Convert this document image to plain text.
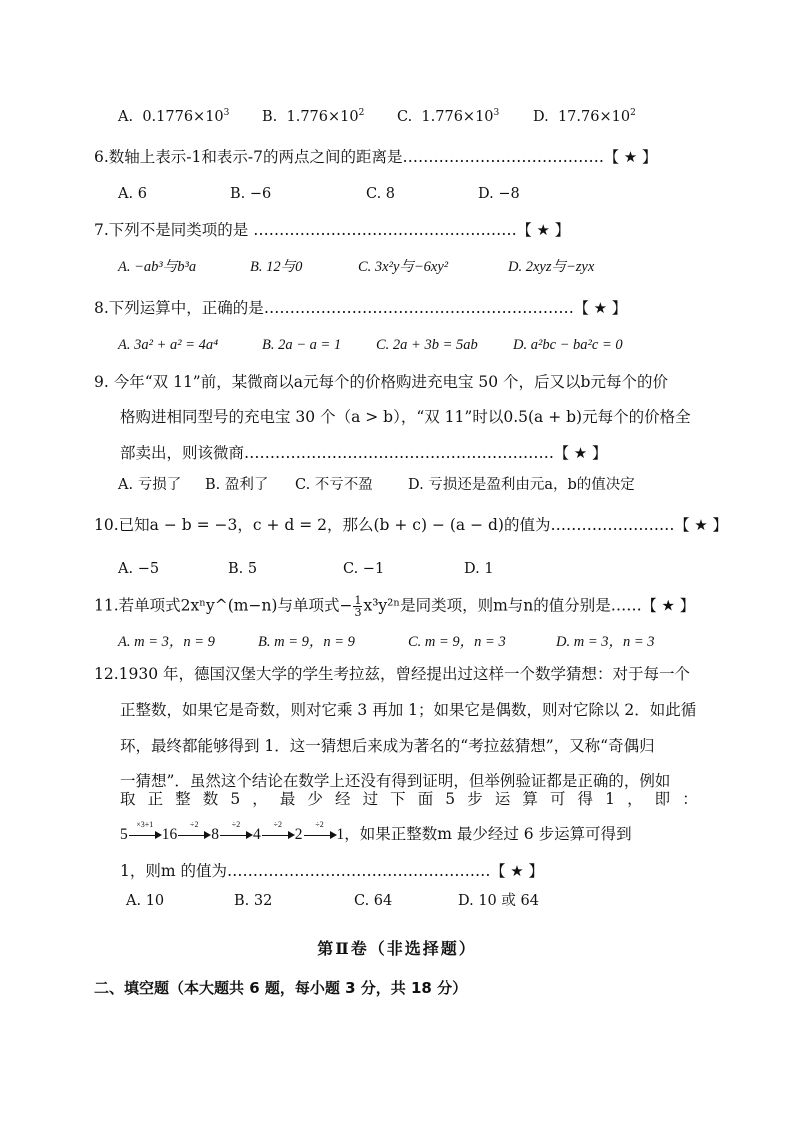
A. $0.1776\times 10^3$ B. $1.776\times 10^2$ C. $1.776\times 10^3$ D. $17.76\times 10^2$
6.数轴上表示-1和表示-7的两点之间的距离是…………………………………【 ★ 】
A. 6	B. −6	C. 8	D. −8
7.下列不是同类项的是 ……………………………………………【 ★ 】
A. −ab³与b³a	B. 12与0	C. 3x²y与−6xy²	D. 2xyz与−zyx
8.下列运算中，正确的是……………………………………………………【 ★ 】
A. 3a² + a² = 4a⁴	B. 2a − a = 1 C. 2a + 3b = 5ab D. a²bc − ba²c = 0
9. 今年“双 11”前，某微商以a元每个的价格购进充电宝 50 个，后又以b元每个的价
格购进相同型号的充电宝 30 个（a > b），“双 11”时以0.5(a + b)元每个的价格全
部卖出，则该微商……………………………………………………【 ★ 】
A. 亏损了 B. 盈利了 C. 不亏不盈 D. 亏损还是盈利由元a，b的值决定
10.已知a − b = −3，c + d = 2，那么(b + c) − (a − d)的值为……………………【 ★ 】
A. −5	B. 5	C. −1	D. 1
11.若单项式2xⁿy^(m−n)与单项式− $\frac{1}{3} x^3y^{2n}$是同类项，则m与n的值分别是……【 ★ 】
A. m = 3，n = 9	B. m = 9，n = 9	C. m = 9，n = 3	D. m = 3，n = 3
12.1930 年，德国汉堡大学的学生考拉兹，曾经提出过这样一个数学猜想：对于每一个
正整数，如果它是奇数，则对它乘 3 再加 1；如果它是偶数，则对它除以 2．如此循
环，最终都能够得到 1．这一猜想后来成为著名的“考拉兹猜想”，又称“奇偶归
一猜想”．虽然这个结论在数学上还没有得到证明，但举例验证都是正确的，例如
取 正 整 数 5 ， 最 少 经 过 下 面 5 步 运 算 可 得 1 ， 即 ：
5
×3+1
16
÷2
8
÷2
4
÷2
2
÷2
1，如果正整数m 最少经过 6 步运算可得到
1，则m 的值为……………………………………………【 ★ 】
A. 10	B. 32	C. 64	D. 10 或 64
第Ⅱ卷（非选择题）
二、填空题（本大题共 6 题，每小题 3 分，共 18 分）
